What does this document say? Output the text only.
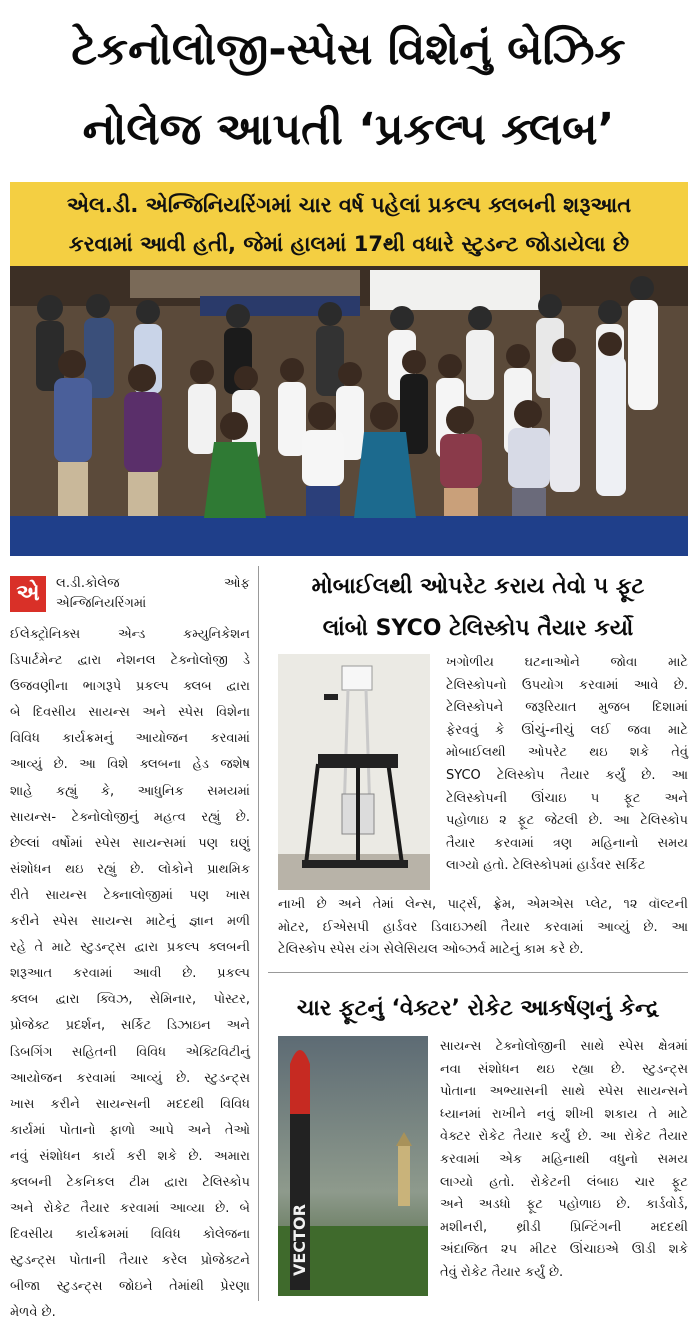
ટેકનોલોજી-સ્પેસ વિશેનું બેઝિક
નોલેજ આપતી ‘પ્રકલ્પ ક્લબ’
એલ.ડી. એન્જિનિયરિંગમાં ચાર વર્ષ પહેલાં પ્રકલ્પ ક્લબની શરૂઆત
કરવામાં આવી હતી, જેમાં હાલમાં 17થી વધારે સ્ટુડન્ટ જોડાયેલા છે
એ	લ.ડી.કોલેજ	ઓફ
એન્જિનિયરિંગમાં
ઈલેક્ટ્રોનિક્સ એન્ડ કમ્યુનિકેશન
ડિપાર્ટમેન્ટ દ્વારા નેશનલ ટેક્નોલોજી ડે
ઉજવણીના ભાગરૂપે પ્રકલ્પ ક્લબ દ્વારા
બે દિવસીય સાયન્સ અને સ્પેસ વિશેના
વિવિધ કાર્યક્રમનું આયોજન કરવામાં
આવ્યું છે. આ વિશે ક્લબના હેડ જશેષ
શાહે કહ્યું કે, આધુનિક સમયમાં
સાયન્સ- ટેક્નોલોજીનું મહત્વ રહ્યું છે.
છેલ્લાં વર્ષોમાં સ્પેસ સાયન્સમાં પણ ઘણું
સંશોધન થઇ રહ્યું છે. લોકોને પ્રાથમિક
રીતે સાયન્સ ટેક્નાલોજીમાં પણ ખાસ
કરીને સ્પેસ સાયન્સ માટેનું જ્ઞાન મળી
રહે તે માટે સ્ટુડન્ટ્સ દ્વારા પ્રકલ્પ ક્લબની
શરૂઆત કરવામાં આવી છે. પ્રકલ્પ
ક્લબ દ્વારા ક્વિઝ, સેમિનાર, પોસ્ટર,
પ્રોજેક્ટ પ્રદર્શન, સર્કિટ ડિઝાઇન અને
ડિબગિંગ સહિતની વિવિધ એક્ટિવિટીનું
આયોજન કરવામાં આવ્યું છે. સ્ટુડન્ટ્સ
ખાસ કરીને સાયન્સની મદદથી વિવિધ
કાર્યમાં પોતાનો ફાળો આપે અને તેઓ
નવું સંશોધન કાર્ય કરી શકે છે. અમારા
ક્લબની ટેકનિકલ ટીમ દ્વારા ટેલિસ્કોપ
અને રોકેટ તૈયાર કરવામાં આવ્યા છે. બે
દિવસીય કાર્યક્રમમાં વિવિધ કોલેજના
સ્ટુડન્ટ્સ પોતાની તૈયાર કરેલ પ્રોજેક્ટને
બીજા સ્ટુડન્ટ્સ જોઇને તેમાંથી પ્રેરણા
મેળવે છે.
મોબાઈલથી ઓપરેટ કરાય તેવો ૫ ફૂટ
લાંબો SYCO ટેલિસ્કોપ તૈયાર કર્યો
ખગોળીય ઘટનાઓને જોવા માટે
ટેલિસ્કોપનો ઉપયોગ કરવામાં આવે છે.
ટેલિસ્કોપને જરૂરિયાત મુજબ દિશામાં
ફેરવવું કે ઊંચું-નીચું લઈ જવા માટે
મોબાઈલથી ઓપરેટ થઇ શકે તેવું
SYCO ટેલિસ્કોપ તૈયાર કર્યું છે. આ
ટેલિસ્કોપની ઊંચાઇ ૫ ફૂટ અને
પહોળાઇ ૨ ફૂટ જેટલી છે. આ ટેલિસ્કોપ
તૈયાર કરવામાં ત્રણ મહિનાનો સમય
લાગ્યો હતો. ટેલિસ્કોપમાં હાર્ડવર સર્કિટ
નાખી છે અને તેમાં લેન્સ, પાર્ટ્સ, ફ્રેમ, એમએસ પ્લેટ, ૧૨ વૉલ્ટની
મોટર, ઈએસપી હાર્ડવર ડિવાઇઝથી તૈયાર કરવામાં આવ્યું છે. આ
ટેલિસ્કોપ સ્પેસ યંગ સેલેસિયલ ઓબ્ઝર્વ માટેનું કામ કરે છે.
ચાર ફૂટનું ‘વેક્ટર’ રોકેટ આકર્ષણનું કેન્દ્ર
VECTOR
સાયન્સ ટેક્નોલોજીની સાથે સ્પેસ ક્ષેત્રમાં
નવા સંશોધન થઇ રહ્યા છે. સ્ટુડન્ટ્સ
પોતાના અભ્યાસની સાથે સ્પેસ સાયન્સને
ધ્યાનમાં રાખીને નવું શીખી શકાય તે માટે
વેક્ટર રોકેટ તૈયાર કર્યું છે. આ રોકેટ તૈયાર
કરવામાં એક મહિનાથી વધુનો સમય
લાગ્યો હતો. રોકેટની લંબાઇ ચાર ફૂટ
અને અડધો ફૂટ પહોળાઇ છે. કાર્ડવોર્ડ,
મશીનરી, થ્રીડી પ્રિન્ટિંગની મદદથી
અંદાજિત ૨૫ મીટર ઊંચાઇએ ઊડી શકે
તેવું રોકેટ તૈયાર કર્યું છે.
